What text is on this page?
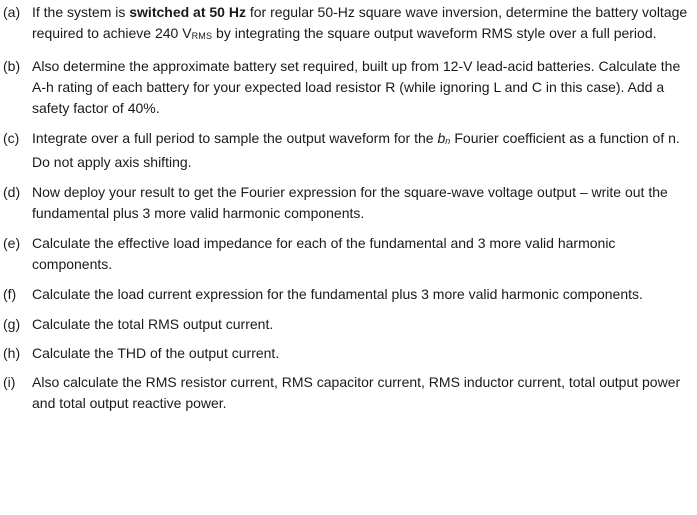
(a) If the system is switched at 50 Hz for regular 50-Hz square wave inversion, determine the battery voltage required to achieve 240 VRMS by integrating the square output waveform RMS style over a full period.
(b) Also determine the approximate battery set required, built up from 12-V lead-acid batteries. Calculate the A-h rating of each battery for your expected load resistor R (while ignoring L and C in this case). Add a safety factor of 40%.
(c) Integrate over a full period to sample the output waveform for the bn Fourier coefficient as a function of n. Do not apply axis shifting.
(d) Now deploy your result to get the Fourier expression for the square-wave voltage output – write out the fundamental plus 3 more valid harmonic components.
(e) Calculate the effective load impedance for each of the fundamental and 3 more valid harmonic components.
(f)	Calculate the load current expression for the fundamental plus 3 more valid harmonic components.
(g) Calculate the total RMS output current.
(h) Calculate the THD of the output current.
(i)	Also calculate the RMS resistor current, RMS capacitor current, RMS inductor current, total output power and total output reactive power.
